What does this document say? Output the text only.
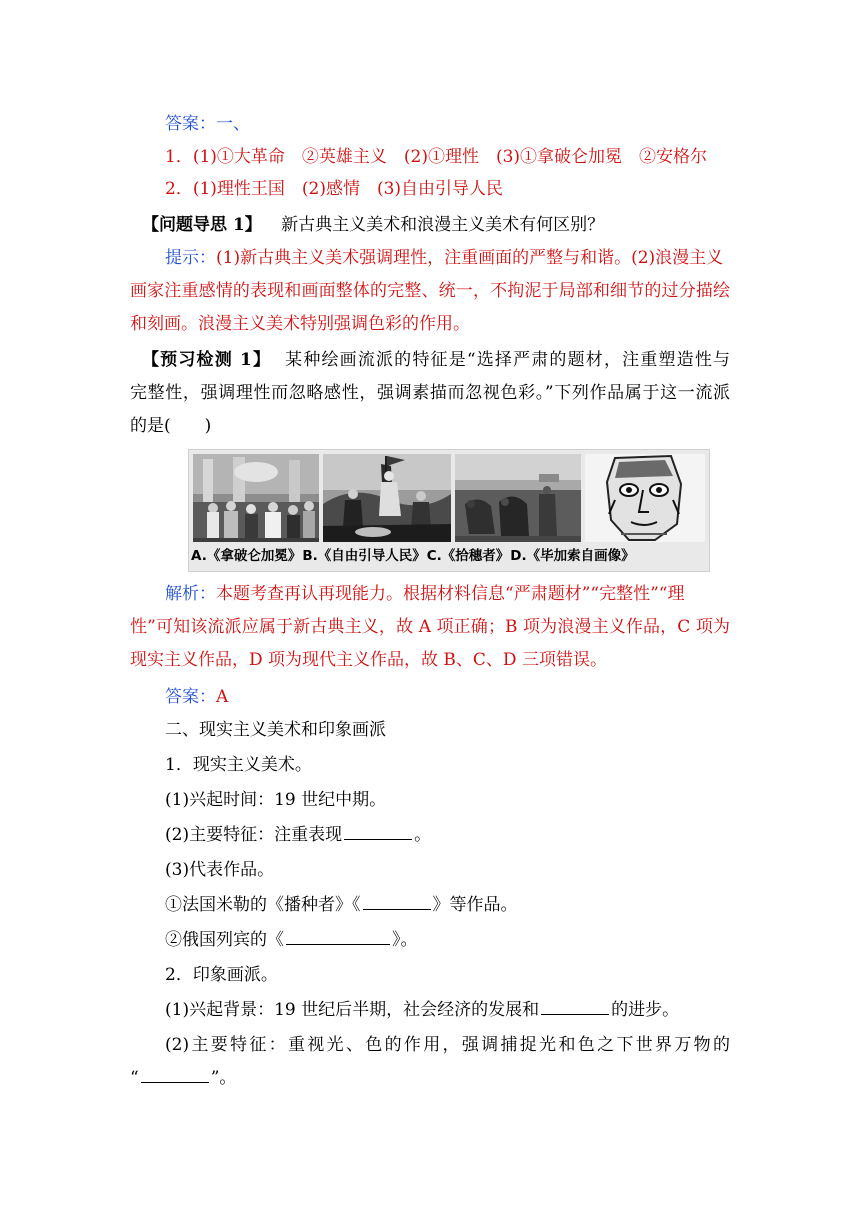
答案：一、
1．(1)①大革命　②英雄主义　(2)①理性　(3)①拿破仑加冕　②安格尔
2．(1)理性王国　(2)感情　(3)自由引导人民
【问题导思 1】 新古典主义美术和浪漫主义美术有何区别？
提示：(1)新古典主义美术强调理性，注重画面的严整与和谐。(2)浪漫主义
画家注重感情的表现和画面整体的完整、统一，不拘泥于局部和细节的过分描绘
和刻画。浪漫主义美术特别强调色彩的作用。
【预习检测 1】 某种绘画流派的特征是“选择严肃的题材，注重塑造性与
完整性，强调理性而忽略感性，强调素描而忽视色彩。”下列作品属于这一流派
的是(　　)
A.《拿破仑加冕》B.《自由引导人民》C.《拾穗者》D.《毕加索自画像》
解析：本题考查再认再现能力。根据材料信息“严肃题材”“完整性”“理
性”可知该流派应属于新古典主义，故 A 项正确；B 项为浪漫主义作品，C 项为
现实主义作品，D 项为现代主义作品，故 B、C、D 三项错误。
答案：A
二、现实主义美术和印象画派
1．现实主义美术。
(1)兴起时间：19 世纪中期。
(2)主要特征：注重表现	。
(3)代表作品。
①法国米勒的《播种者》《	》等作品。
②俄国列宾的《	》。
2．印象画派。
(1)兴起背景：19 世纪后半期，社会经济的发展和	的进步。
(2)主要特征：重视光、色的作用，强调捕捉光和色之下世界万物的
“	”。
